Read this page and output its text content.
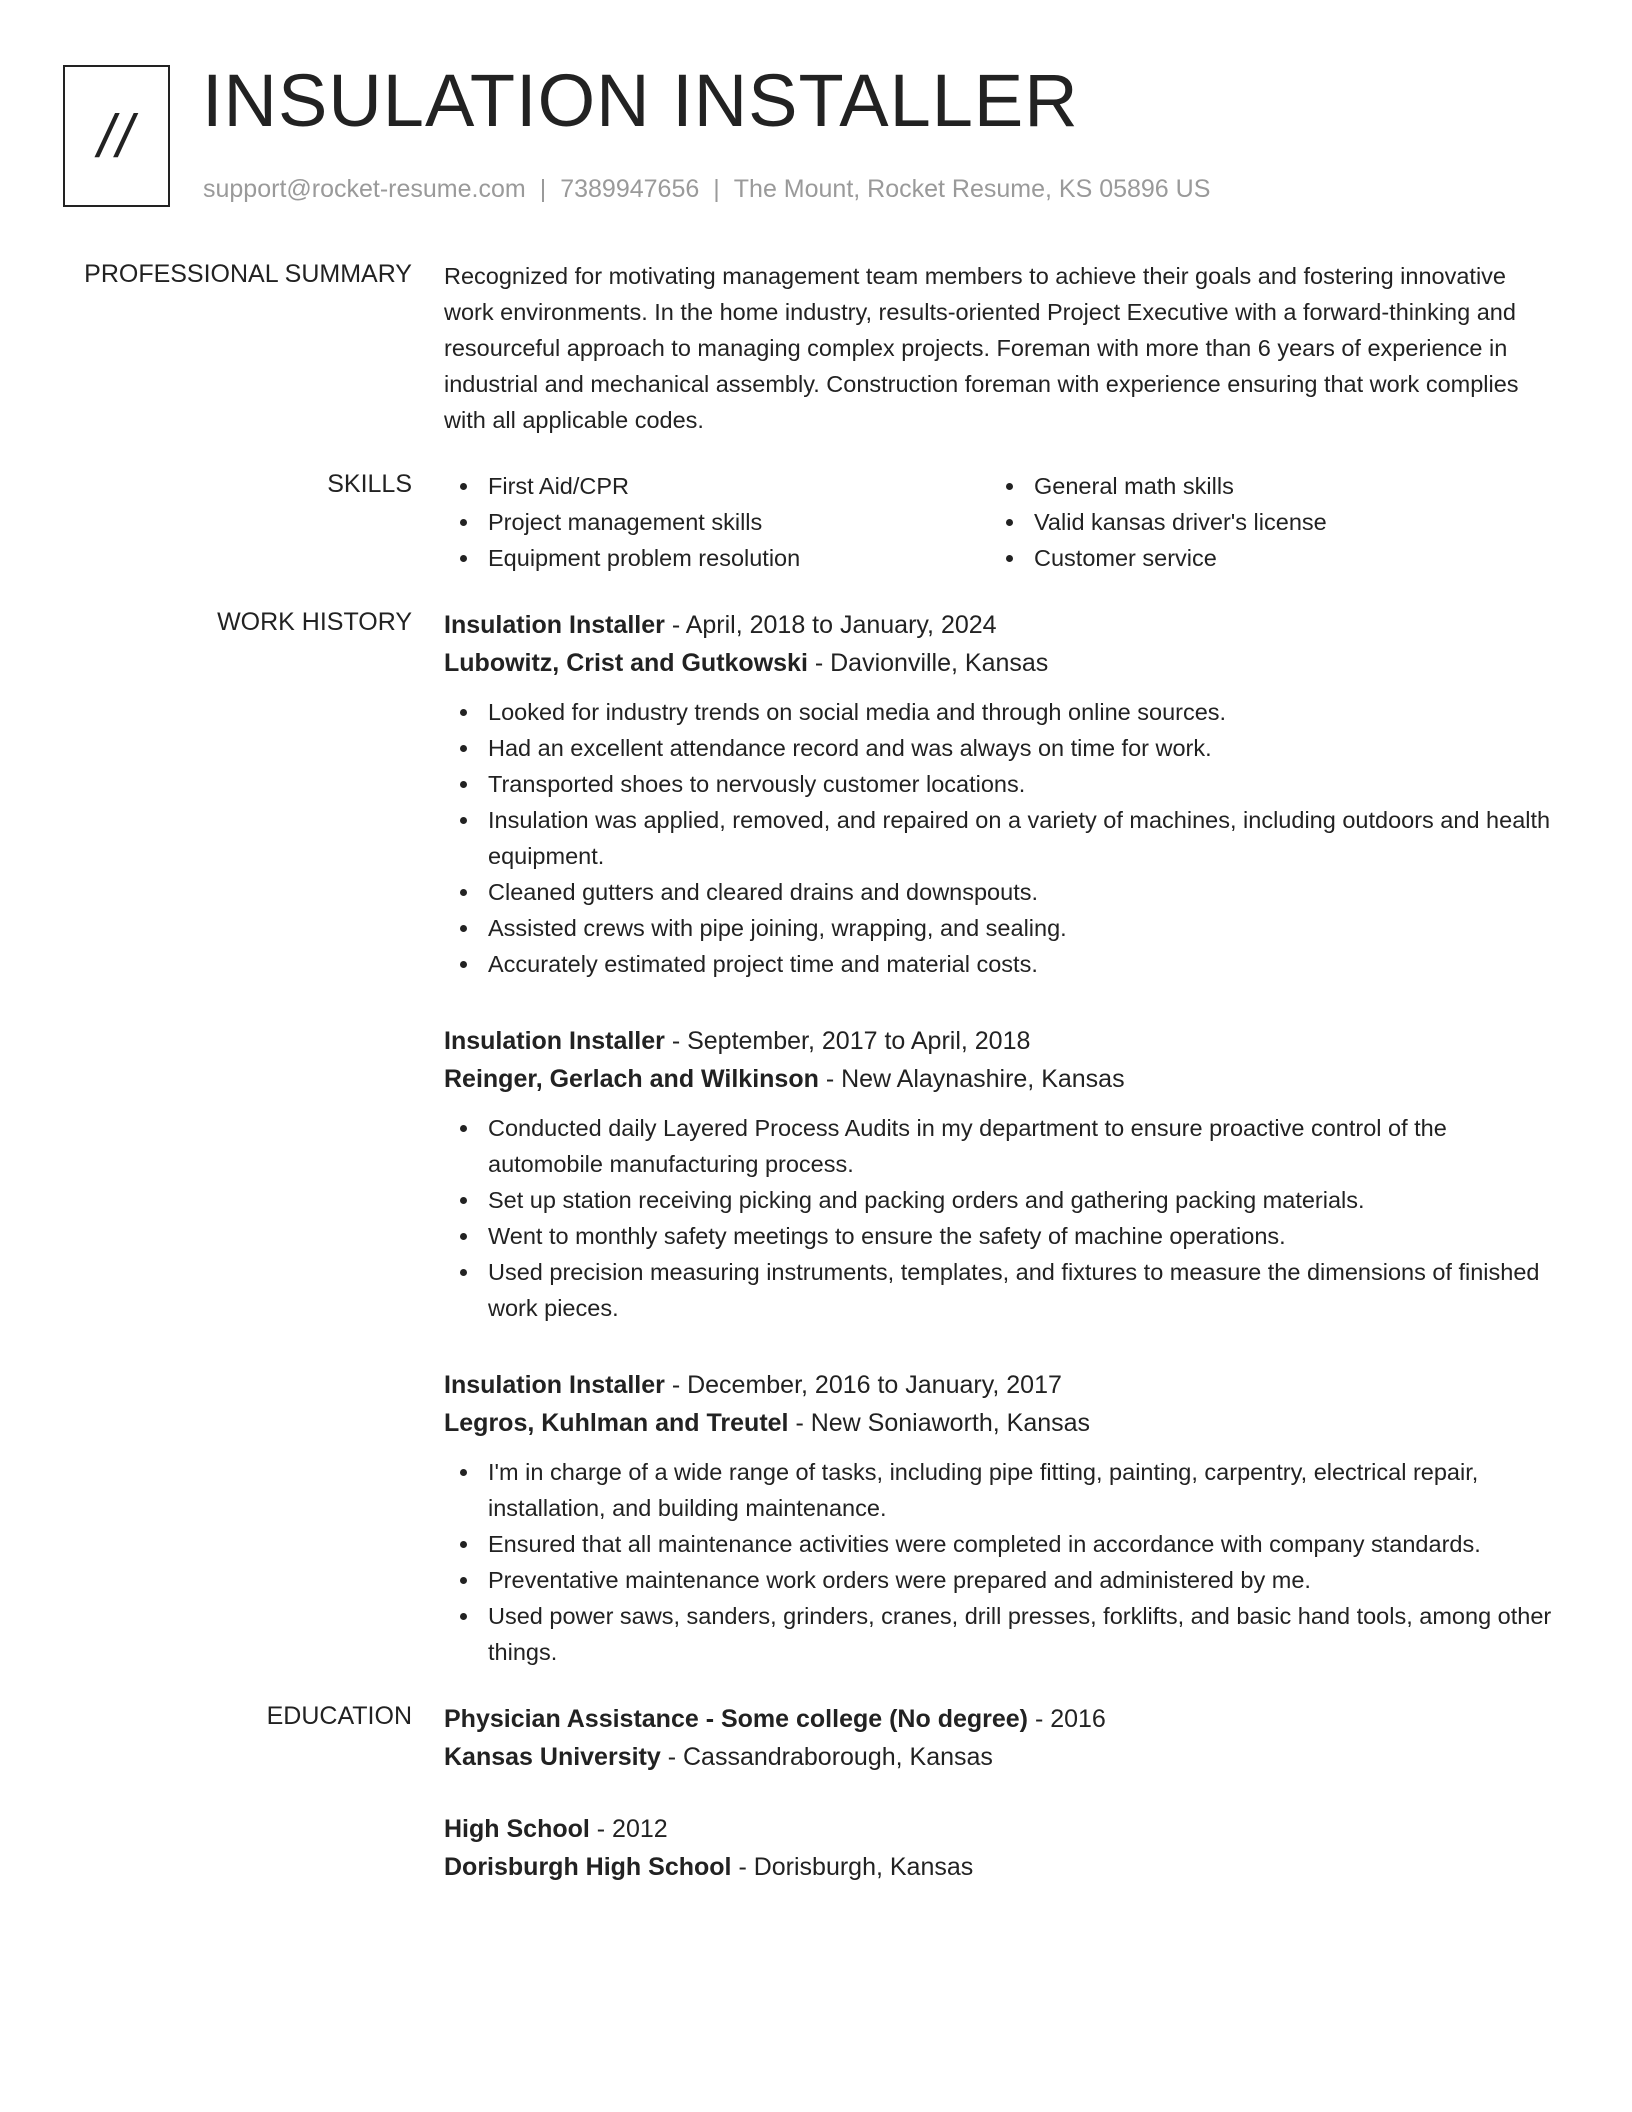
// INSULATION INSTALLER
support@rocket-resume.com | 7389947656 | The Mount, Rocket Resume, KS 05896 US
PROFESSIONAL SUMMARY Recognized for motivating management team members to achieve their goals and fostering innovative work environments. In the home industry, results-oriented Project Executive with a forward-thinking and resourceful approach to managing complex projects. Foreman with more than 6 years of experience in industrial and mechanical assembly. Construction foreman with experience ensuring that work complies with all applicable codes.

SKILLS	First Aid/CPR
Project management skills
Equipment problem resolution
General math skills
Valid kansas driver's license
Customer service
WORK HISTORY Insulation Installer - April, 2018 to January, 2024
Lubowitz, Crist and Gutkowski - Davionville, Kansas
Looked for industry trends on social media and through online sources.
Had an excellent attendance record and was always on time for work.
Transported shoes to nervously customer locations.
Insulation was applied, removed, and repaired on a variety of machines, including outdoors and health equipment.
Cleaned gutters and cleared drains and downspouts.
Assisted crews with pipe joining, wrapping, and sealing.
Accurately estimated project time and material costs.
Insulation Installer - September, 2017 to April, 2018
Reinger, Gerlach and Wilkinson - New Alaynashire, Kansas
Conducted daily Layered Process Audits in my department to ensure proactive control of the automobile manufacturing process.
Set up station receiving picking and packing orders and gathering packing materials.
Went to monthly safety meetings to ensure the safety of machine operations.
Used precision measuring instruments, templates, and fixtures to measure the dimensions of finished work pieces.
Insulation Installer - December, 2016 to January, 2017
Legros, Kuhlman and Treutel - New Soniaworth, Kansas
I'm in charge of a wide range of tasks, including pipe fitting, painting, carpentry, electrical repair, installation, and building maintenance.
Ensured that all maintenance activities were completed in accordance with company standards.
Preventative maintenance work orders were prepared and administered by me.
Used power saws, sanders, grinders, cranes, drill presses, forklifts, and basic hand tools, among other things.
EDUCATION Physician Assistance - Some college (No degree) - 2016
Kansas University - Cassandraborough, Kansas
High School - 2012
Dorisburgh High School - Dorisburgh, Kansas
